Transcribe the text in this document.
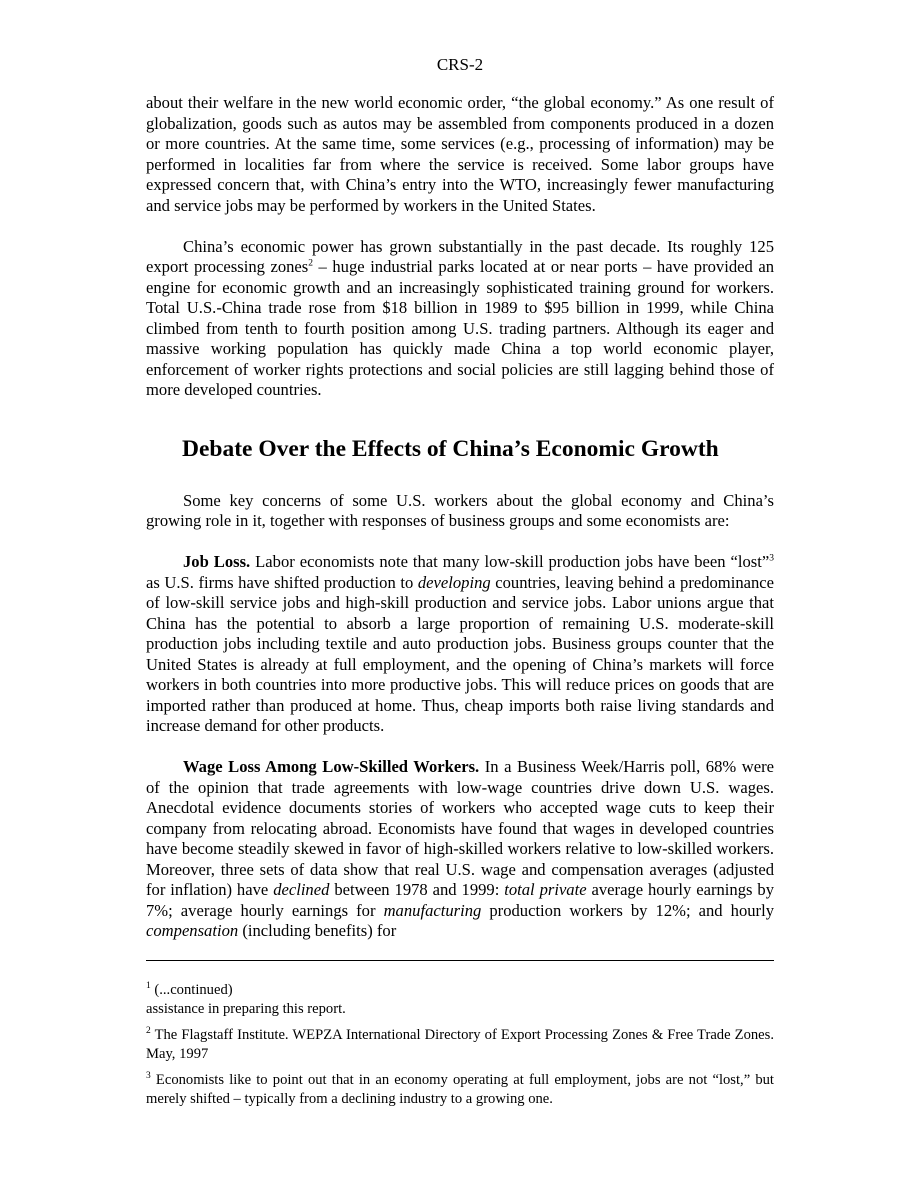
CRS-2

about their welfare in the new world economic order, “the global economy.” As one result of globalization, goods such as autos may be assembled from components produced in a dozen or more countries. At the same time, some services (e.g., processing of information) may be performed in localities far from where the service is received. Some labor groups have expressed concern that, with China’s entry into the WTO, increasingly fewer manufacturing and service jobs may be performed by workers in the United States.

China’s economic power has grown substantially in the past decade. Its roughly 125 export processing zones$^2$ – huge industrial parks located at or near ports – have provided an engine for economic growth and an increasingly sophisticated training ground for workers. Total U.S.-China trade rose from $18 billion in 1989 to $95 billion in 1999, while China climbed from tenth to fourth position among U.S. trading partners. Although its eager and massive working population has quickly made China a top world economic player, enforcement of worker rights protections and social policies are still lagging behind those of more developed countries.

Debate Over the Effects of China’s Economic Growth

Some key concerns of some U.S. workers about the global economy and China’s growing role in it, together with responses of business groups and some economists are:

Job Loss. Labor economists note that many low-skill production jobs have been “lost”$^3$ as U.S. firms have shifted production to developing countries, leaving behind a predominance of low-skill service jobs and high-skill production and service jobs. Labor unions argue that China has the potential to absorb a large proportion of remaining U.S. moderate-skill production jobs including textile and auto production jobs. Business groups counter that the United States is already at full employment, and the opening of China’s markets will force workers in both countries into more productive jobs. This will reduce prices on goods that are imported rather than produced at home. Thus, cheap imports both raise living standards and increase demand for other products.

Wage Loss Among Low-Skilled Workers. In a Business Week/Harris poll, 68% were of the opinion that trade agreements with low-wage countries drive down U.S. wages. Anecdotal evidence documents stories of workers who accepted wage cuts to keep their company from relocating abroad. Economists have found that wages in developed countries have become steadily skewed in favor of high-skilled workers relative to low-skilled workers. Moreover, three sets of data show that real U.S. wage and compensation averages (adjusted for inflation) have declined between 1978 and 1999: total private average hourly earnings by 7%; average hourly earnings for manufacturing production workers by 12%; and hourly compensation (including benefits) for

$^1$ (...continued)
assistance in preparing this report.
$^2$ The Flagstaff Institute. WEPZA International Directory of Export Processing Zones & Free Trade Zones. May, 1997
$^3$ Economists like to point out that in an economy operating at full employment, jobs are not “lost,” but merely shifted – typically from a declining industry to a growing one.
